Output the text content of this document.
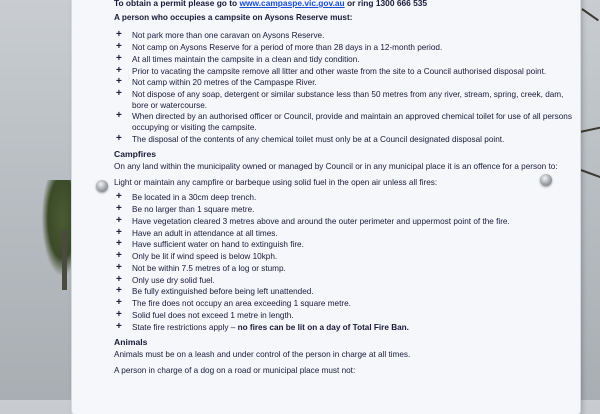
To obtain a permit please go to www.campaspe.vic.gov.au or ring 1300 666 535
A person who occupies a campsite on Aysons Reserve must:
+ Not park more than one caravan on Aysons Reserve.
+ Not camp on Aysons Reserve for a period of more than 28 days in a 12-month period.
+ At all times maintain the campsite in a clean and tidy condition.
+ Prior to vacating the campsite remove all litter and other waste from the site to a Council authorised disposal point.
+ Not camp within 20 metres of the Campaspe River.
+ Not dispose of any soap, detergent or similar substance less than 50 metres from any river, stream, spring, creek, dam, bore or watercourse.
+ When directed by an authorised officer or Council, provide and maintain an approved chemical toilet for use of all persons occupying or visiting the campsite.
+ The disposal of the contents of any chemical toilet must only be at a Council designated disposal point.
Campfires
On any land within the municipality owned or managed by Council or in any municipal place it is an offence for a person to:
Light or maintain any campfire or barbeque using solid fuel in the open air unless all fires:
+ Be located in a 30cm deep trench.
+ Be no larger than 1 square metre.
+ Have vegetation cleared 3 metres above and around the outer perimeter and uppermost point of the fire.
+ Have an adult in attendance at all times.
+ Have sufficient water on hand to extinguish fire.
+ Only be lit if wind speed is below 10kph.
+ Not be within 7.5 metres of a log or stump.
+ Only use dry solid fuel.
+ Be fully extinguished before being left unattended.
+ The fire does not occupy an area exceeding 1 square metre.
+ Solid fuel does not exceed 1 metre in length.
+ State fire restrictions apply – no fires can be lit on a day of Total Fire Ban.
Animals
Animals must be on a leash and under control of the person in charge at all times.
A person in charge of a dog on a road or municipal place must not:
